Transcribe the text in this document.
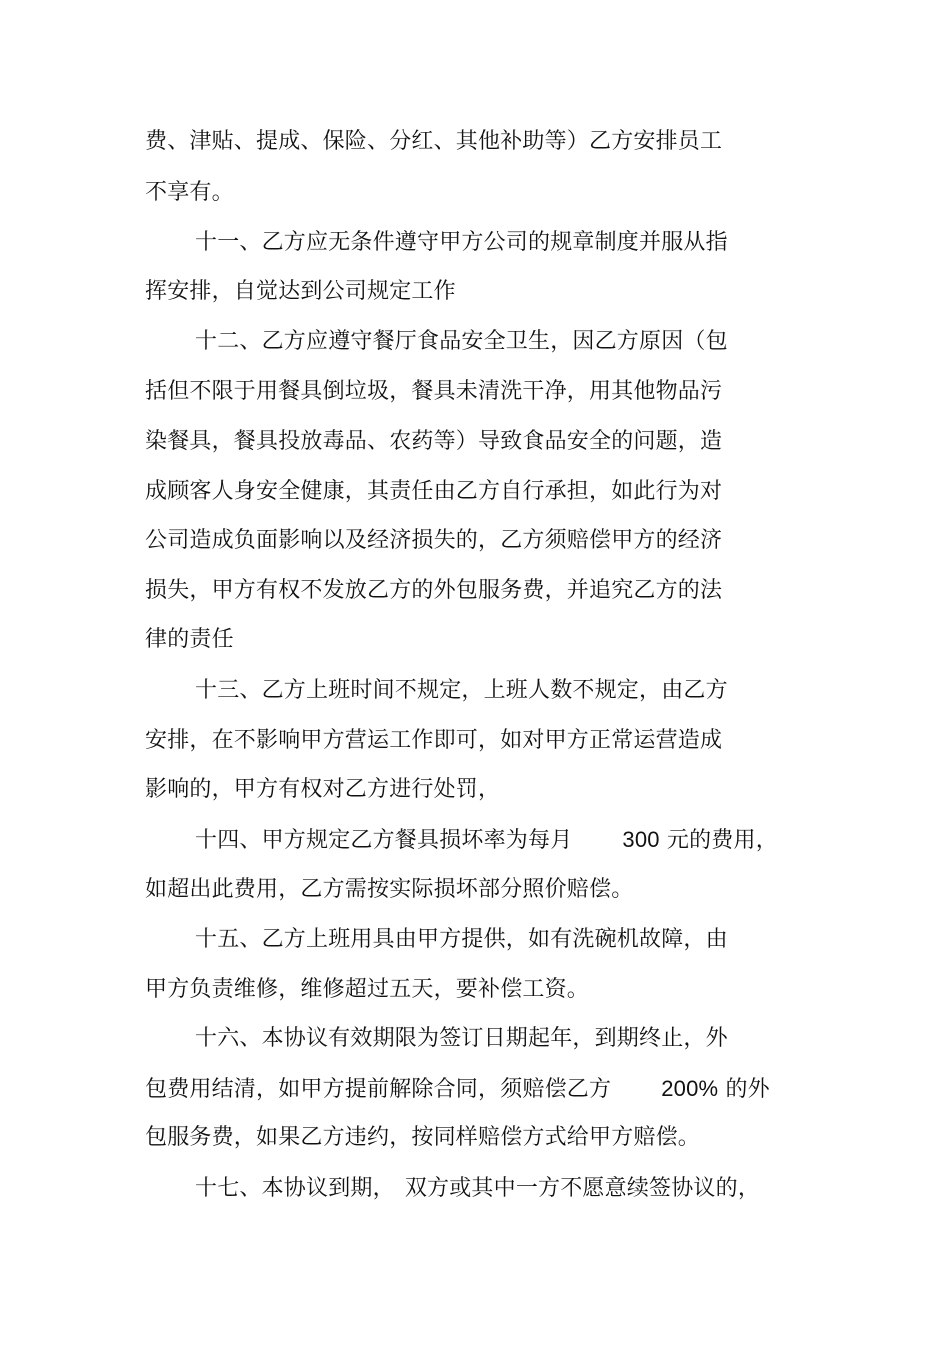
费、津贴、提成、保险、分红、其他补助等）乙方安排员工
不享有。
十一、乙方应无条件遵守甲方公司的规章制度并服从指
挥安排，自觉达到公司规定工作
十二、乙方应遵守餐厅食品安全卫生，因乙方原因（包
括但不限于用餐具倒垃圾，餐具未清洗干净，用其他物品污
染餐具，餐具投放毒品、农药等）导致食品安全的问题，造
成顾客人身安全健康，其责任由乙方自行承担，如此行为对
公司造成负面影响以及经济损失的，乙方须赔偿甲方的经济
损失，甲方有权不发放乙方的外包服务费，并追究乙方的法
律的责任
十三、乙方上班时间不规定，上班人数不规定，由乙方
安排，在不影响甲方营运工作即可，如对甲方正常运营造成
影响的，甲方有权对乙方进行处罚，
十四、甲方规定乙方餐具损坏率为每月 300 元的费用，
如超出此费用，乙方需按实际损坏部分照价赔偿。
十五、乙方上班用具由甲方提供，如有洗碗机故障，由
甲方负责维修，维修超过五天，要补偿工资。
十六、本协议有效期限为签订日期起年，到期终止，外
包费用结清，如甲方提前解除合同，须赔偿乙方 200% 的外
包服务费，如果乙方违约，按同样赔偿方式给甲方赔偿。
十七、本协议到期， 双方或其中一方不愿意续签协议的，
